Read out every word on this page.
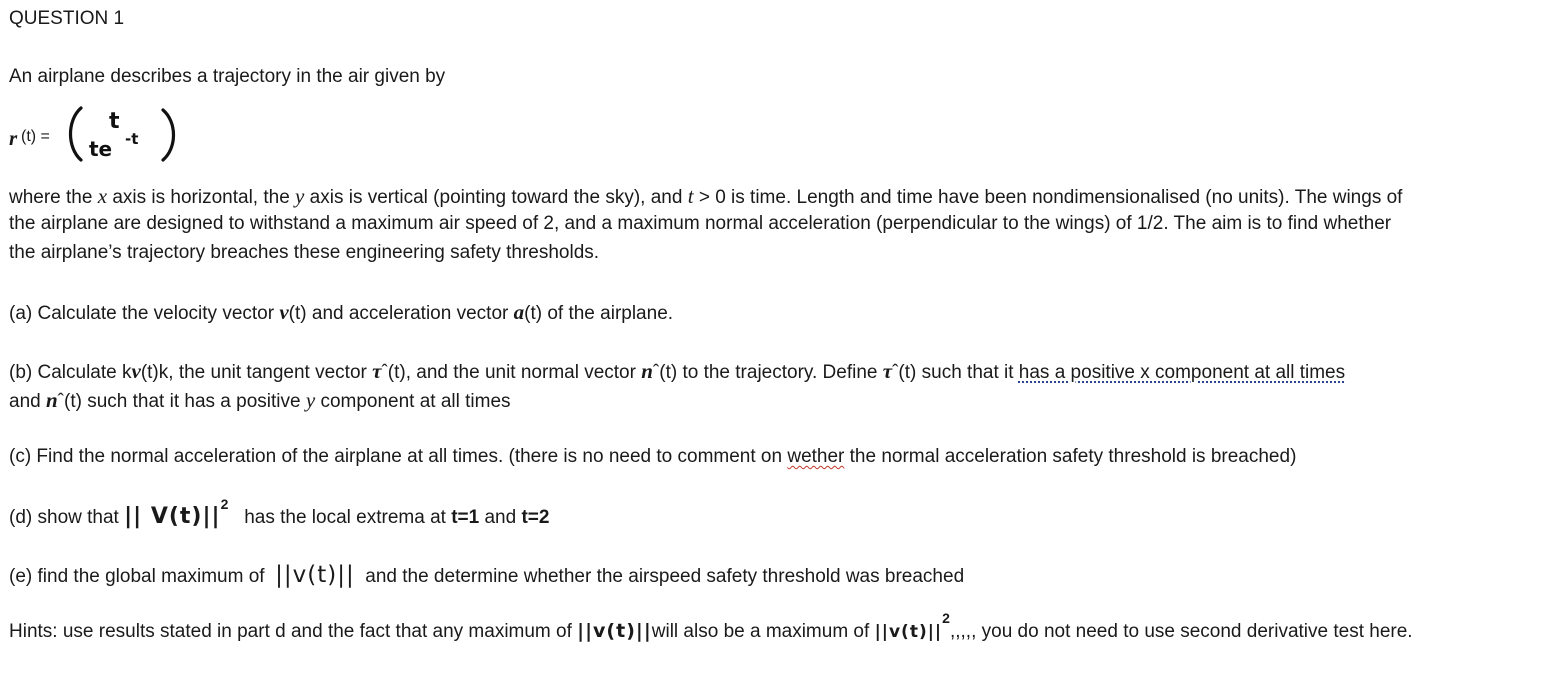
QUESTION 1
An airplane describes a trajectory in the air given by
r (t) =
t
te -t
where the x axis is horizontal, the y axis is vertical (pointing toward the sky), and t > 0 is time. Length and time have been nondimensionalised (no units). The wings of
the airplane are designed to withstand a maximum air speed of 2, and a maximum normal acceleration (perpendicular to the wings) of 1/2. The aim is to find whether
the airplane’s trajectory breaches these engineering safety thresholds.
(a) Calculate the velocity vector v(t) and acceleration vector a(t) of the airplane.
(b) Calculate kv(t)k, the unit tangent vector τˆ(t), and the unit normal vector nˆ(t) to the trajectory. Define τˆ(t) such that it has a positive x component at all times
and nˆ(t) such that it has a positive y component at all times
(c) Find the normal acceleration of the airplane at all times. (there is no need to comment on wether the normal acceleration safety threshold is breached)
(d) show that || $V(t)||^2$   has the local extrema at t=1 and t=2
(e) find the global maximum of  ||v(t)||  and the determine whether the airspeed safety threshold was breached
Hints: use results stated in part d and the fact that any maximum of ||v(t)||will also be a maximum of $||v(t)||^2$,,,,, you do not need to use second derivative test here.
